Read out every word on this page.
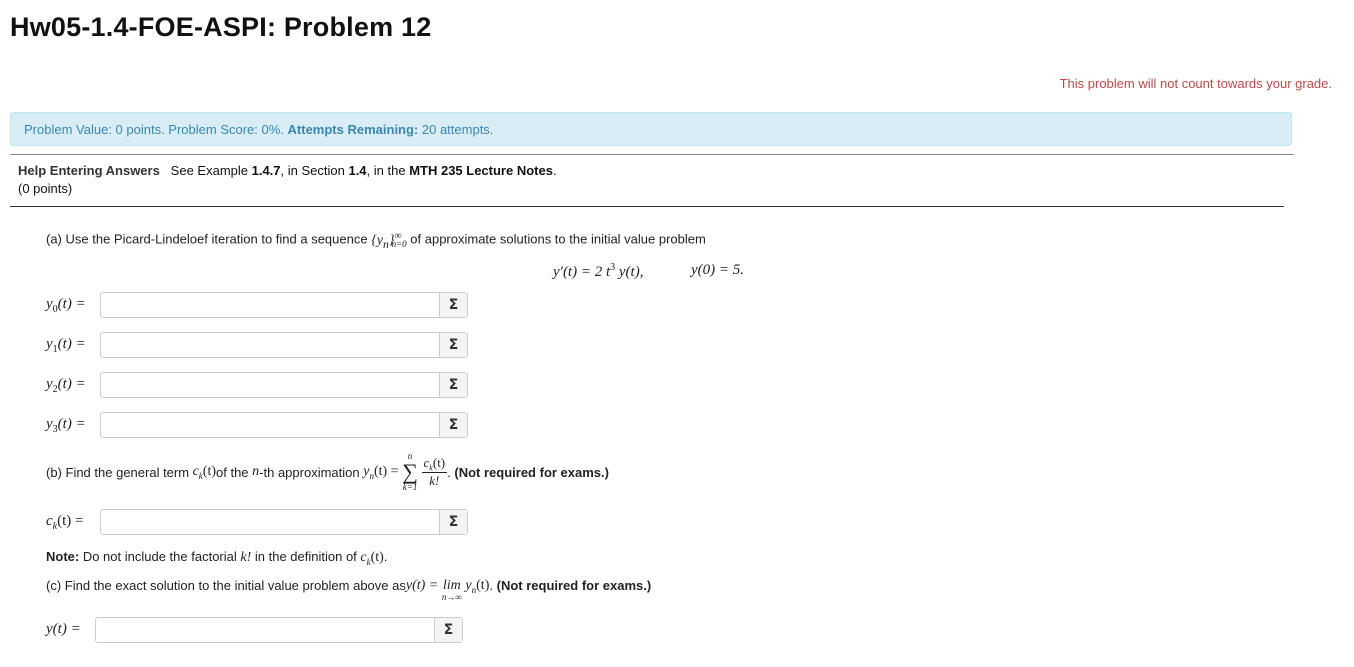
Hw05-1.4-FOE-ASPI: Problem 12
This problem will not count towards your grade.
Problem Value: 0 points. Problem Score: 0%. Attempts Remaining: 20 attempts.
Help Entering Answers See Example 1.4.7, in Section 1.4, in the MTH 235 Lecture Notes.
(0 points)
(a) Use the Picard-Lindeloef iteration to find a sequence $\{y_n\}^\infty_{n=0}$ of approximate solutions to the initial value problem
y′(t) = 2 $t^3$ y(t),	y(0) = 5.
$y_0(t)$ =	Σ
$y_1(t)$ =	Σ
$y_2(t)$ =	Σ
$y_3(t)$ =	Σ
(b) Find the general term $c_k(t)$ of the
n -th approximation
$y_n(t)$ =

n
∑
k=1
$\frac{c_k(t)}{k!}$ .
(Not required for exams.)
$c_k(t)$ =	Σ
Note: Do not include the factorial k! in the definition of $c_k(t)$.
(c) Find the exact solution to the initial value problem above as y(t) =
lim
n→∞

$y_n(t)$ .
(Not required for exams.)
y(t) =	Σ
